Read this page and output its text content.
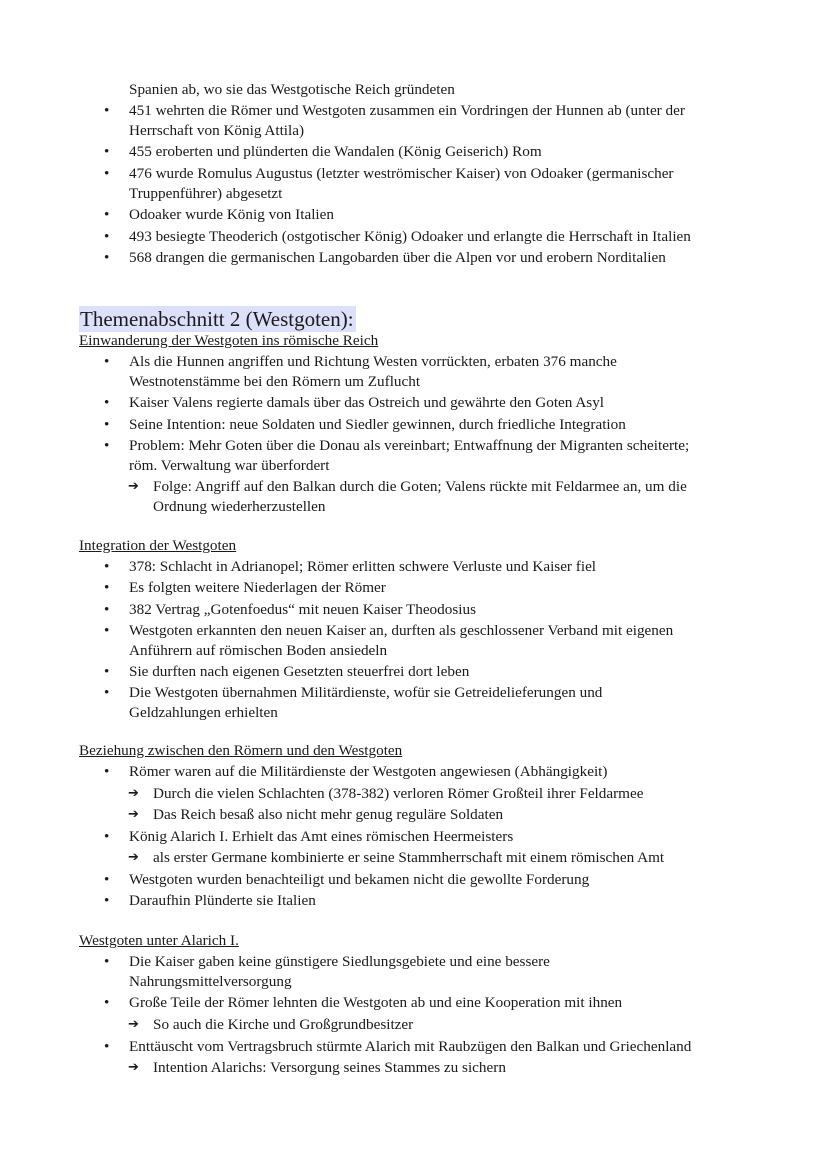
Spanien ab, wo sie das Westgotische Reich gründeten
• 451 wehrten die Römer und Westgoten zusammen ein Vordringen der Hunnen ab (unter der
Herrschaft von König Attila)
• 455 eroberten und plünderten die Wandalen (König Geiserich) Rom
• 476 wurde Romulus Augustus (letzter weströmischer Kaiser) von Odoaker (germanischer
Truppenführer) abgesetzt
• Odoaker wurde König von Italien
• 493 besiegte Theoderich (ostgotischer König) Odoaker und erlangte die Herrschaft in Italien
• 568 drangen die germanischen Langobarden über die Alpen vor und erobern Norditalien
Themenabschnitt 2 (Westgoten):
Einwanderung der Westgoten ins römische Reich
• Als die Hunnen angriffen und Richtung Westen vorrückten, erbaten 376 manche
Westnotenstämme bei den Römern um Zuflucht
• Kaiser Valens regierte damals über das Ostreich und gewährte den Goten Asyl
• Seine Intention: neue Soldaten und Siedler gewinnen, durch friedliche Integration
• Problem: Mehr Goten über die Donau als vereinbart; Entwaffnung der Migranten scheiterte;
röm. Verwaltung war überfordert
➔ Folge: Angriff auf den Balkan durch die Goten; Valens rückte mit Feldarmee an, um die
Ordnung wiederherzustellen
Integration der Westgoten
• 378: Schlacht in Adrianopel; Römer erlitten schwere Verluste und Kaiser fiel
• Es folgten weitere Niederlagen der Römer
• 382 Vertrag „Gotenfoedus“ mit neuen Kaiser Theodosius
• Westgoten erkannten den neuen Kaiser an, durften als geschlossener Verband mit eigenen
Anführern auf römischen Boden ansiedeln
• Sie durften nach eigenen Gesetzten steuerfrei dort leben
• Die Westgoten übernahmen Militärdienste, wofür sie Getreidelieferungen und
Geldzahlungen erhielten
Beziehung zwischen den Römern und den Westgoten
• Römer waren auf die Militärdienste der Westgoten angewiesen (Abhängigkeit)
➔ Durch die vielen Schlachten (378-382) verloren Römer Großteil ihrer Feldarmee
➔ Das Reich besaß also nicht mehr genug reguläre Soldaten
• König Alarich I. Erhielt das Amt eines römischen Heermeisters
➔ als erster Germane kombinierte er seine Stammherrschaft mit einem römischen Amt
• Westgoten wurden benachteiligt und bekamen nicht die gewollte Forderung
• Daraufhin Plünderte sie Italien
Westgoten unter Alarich I.
• Die Kaiser gaben keine günstigere Siedlungsgebiete und eine bessere
Nahrungsmittelversorgung
• Große Teile der Römer lehnten die Westgoten ab und eine Kooperation mit ihnen
➔ So auch die Kirche und Großgrundbesitzer
• Enttäuscht vom Vertragsbruch stürmte Alarich mit Raubzügen den Balkan und Griechenland
➔ Intention Alarichs: Versorgung seines Stammes zu sichern
